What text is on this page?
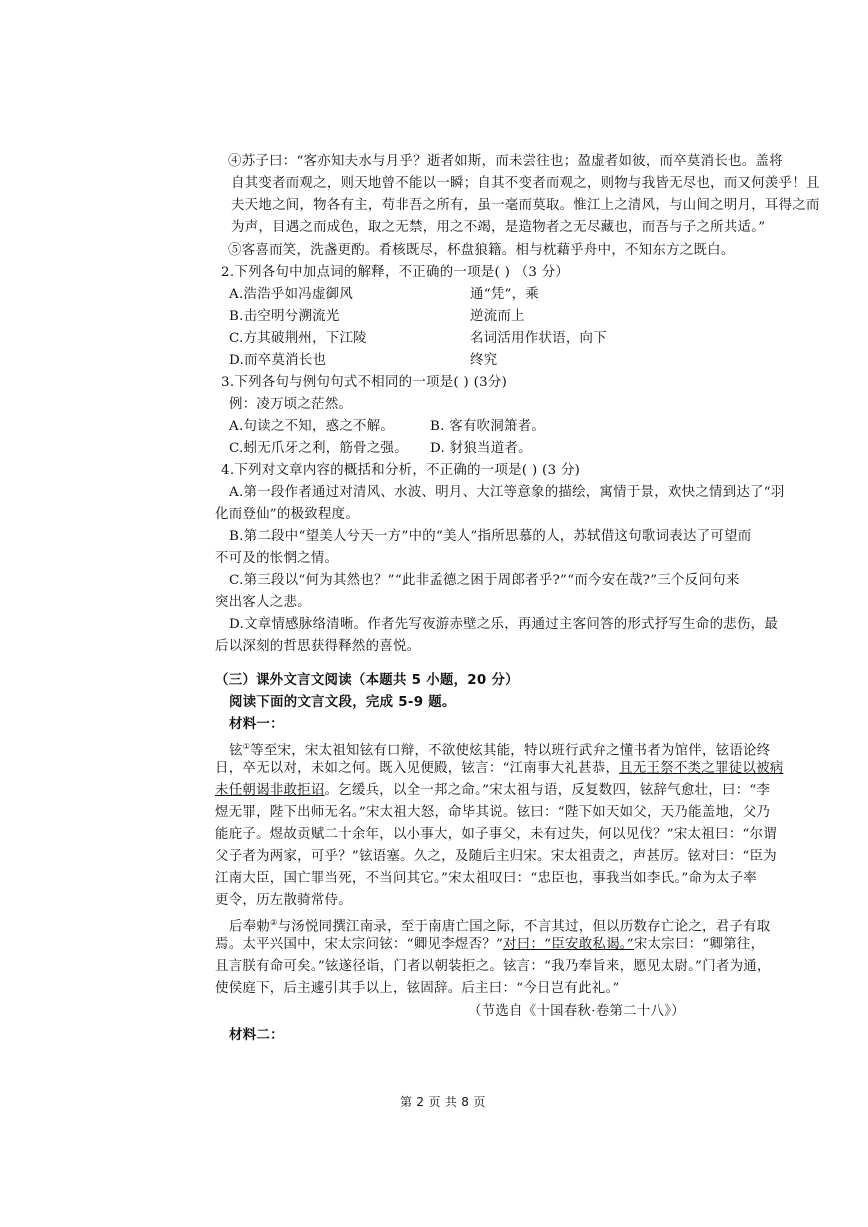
④苏子曰：“客亦知夫水与月乎？逝者如斯，而未尝往也；盈虚者如彼，而卒莫消长也。盖将
自其变者而观之，则天地曾不能以一瞬；自其不变者而观之，则物与我皆无尽也，而又何羡乎！且
夫天地之间，物各有主，苟非吾之所有，虽一毫而莫取。惟江上之清风，与山间之明月，耳得之而
为声，目遇之而成色，取之无禁，用之不竭，是造物者之无尽藏也，而吾与子之所共适。”
⑤客喜而笑，洗盏更酌。肴核既尽，杯盘狼籍。相与枕藉乎舟中，不知东方之既白。
2.下列各句中加点词的解释，不正确的一项是( ) （3 分）
A.浩浩乎如冯虚御风	通“凭”，乘
B.击空明兮溯流光	逆流而上
C.方其破荆州，下江陵	名词活用作状语，向下
D.而卒莫消长也	终究
3.下列各句与例句句式不相同的一项是( ) (3分)
例：凌万顷之茫然。
A.句读之不知，惑之不解。	B. 客有吹洞箫者。
C.蚓无爪牙之利，筋骨之强。 D. 豺狼当道者。
4.下列对文章内容的概括和分析，不正确的一项是( ) (3 分)
A.第一段作者通过对清风、水波、明月、大江等意象的描绘，寓情于景，欢快之情到达了“羽
化而登仙”的极致程度。
B.第二段中“望美人兮天一方”中的“美人”指所思慕的人，苏轼借这句歌词表达了可望而
不可及的怅惘之情。
C.第三段以“何为其然也？”“此非孟德之困于周郎者乎?”“而今安在哉?”三个反问句来
突出客人之悲。
D.文章情感脉络清晰。作者先写夜游赤壁之乐，再通过主客问答的形式抒写生命的悲伤，最
后以深刻的哲思获得释然的喜悦。
（三）课外文言文阅读（本题共 5 小题，20 分）
阅读下面的文言文段，完成 5-9 题。
材料一：
铉①等至宋，宋太祖知铉有口辩，不欲使炫其能，特以班行武弁之懂书者为馆伴，铉语论终
日，卒无以对，未如之何。既入见便殿，铉言：“江南事大礼甚恭，且无王祭不类之罪徒以被病
未任朝谒非敢拒诏。乞缓兵，以全一邦之命。”宋太祖与语，反复数四，铉辞气愈壮，曰：“李
煜无罪，陛下出师无名。”宋太祖大怒，命毕其说。铉曰：“陛下如天如父，天乃能盖地，父乃
能庇子。煜故贡赋二十余年，以小事大，如子事父，未有过失，何以见伐？”宋太祖曰：“尔谓
父子者为两家，可乎？”铉语塞。久之，及随后主归宋。宋太祖责之，声甚厉。铉对曰：“臣为
江南大臣，国亡罪当死，不当问其它。”宋太祖叹曰：“忠臣也，事我当如李氏。”命为太子率
更令，历左散骑常侍。
后奉勅②与汤悦同撰江南录，至于南唐亡国之际，不言其过，但以历数存亡论之，君子有取
焉。太平兴国中，宋太宗问铉：“卿见李煜否？”对曰：“臣安敢私谒。”宋太宗曰：“卿第往，
且言朕有命可矣。”铉遂径诣，门者以朝装拒之。铉言：“我乃奉旨来，愿见太尉。”门者为通，
使侯庭下，后主遽引其手以上，铉固辞。后主曰：“今日岂有此礼。”
（节选自《十国春秋·卷第二十八》）
材料二：
第 2 页 共 8 页
